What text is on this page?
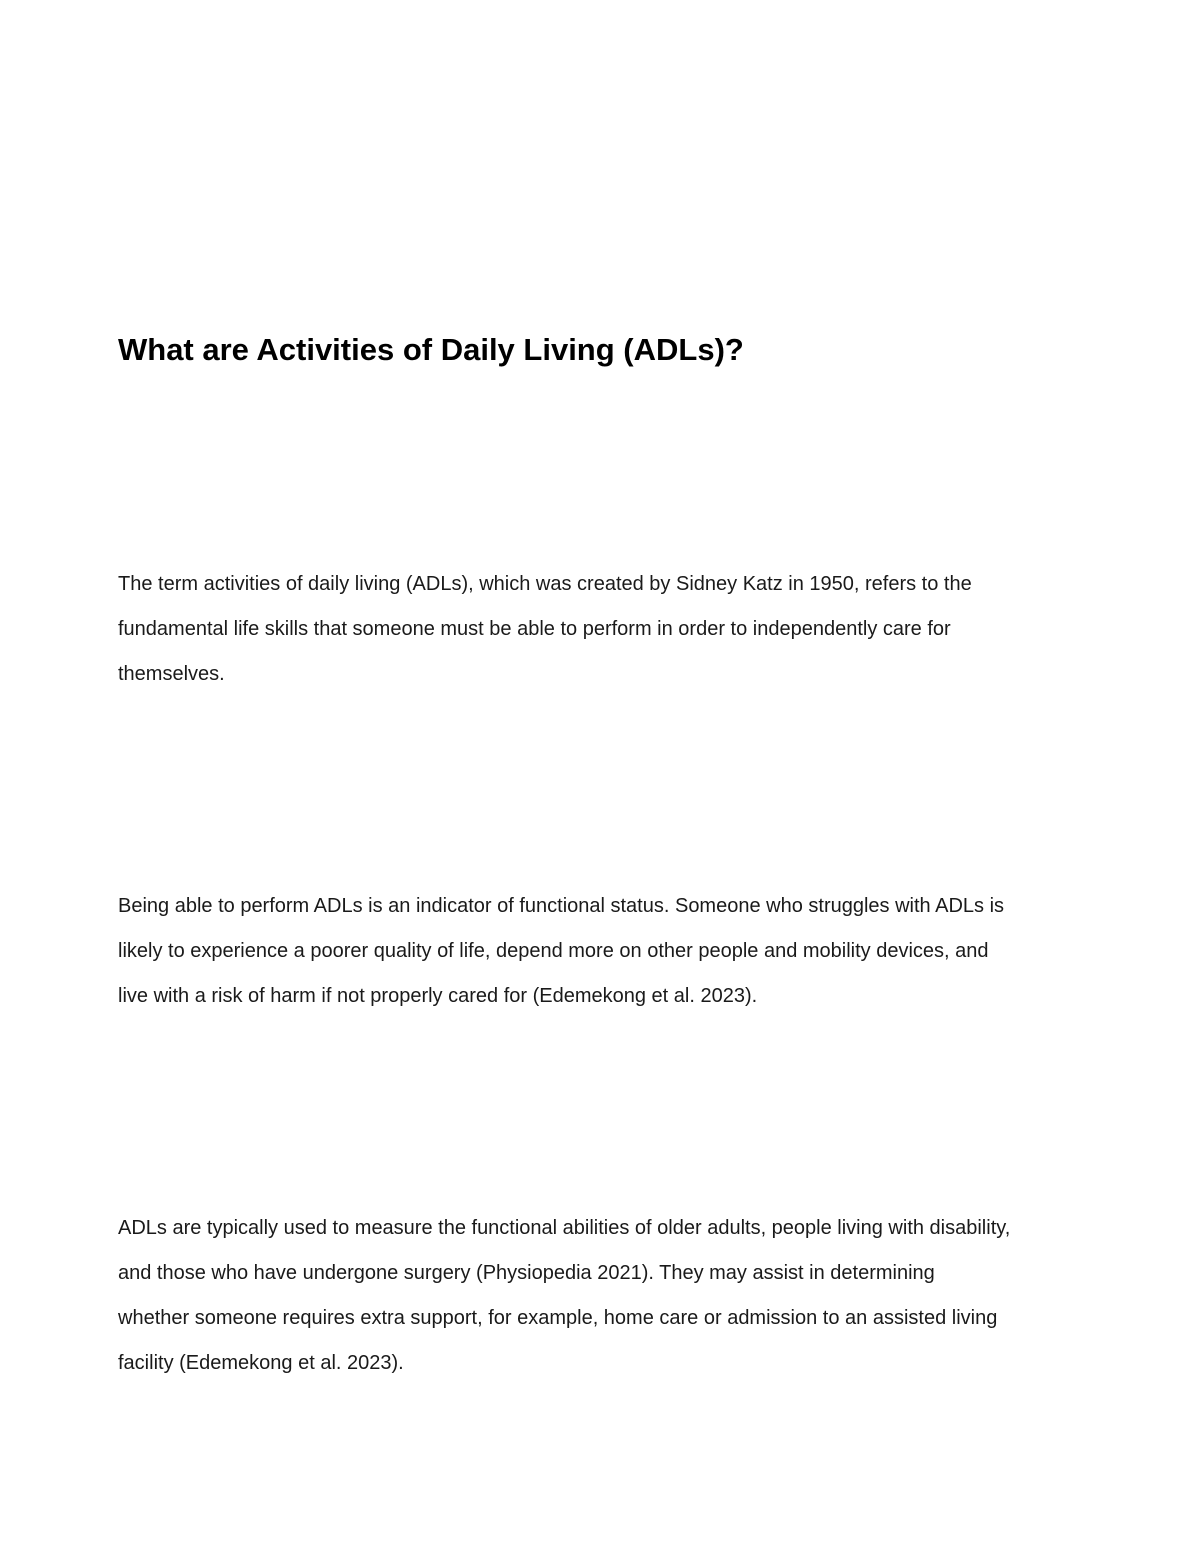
What are Activities of Daily Living (ADLs)?

The term activities of daily living (ADLs), which was created by Sidney Katz in 1950, refers to the
fundamental life skills that someone must be able to perform in order to independently care for
themselves.

Being able to perform ADLs is an indicator of functional status. Someone who struggles with ADLs is
likely to experience a poorer quality of life, depend more on other people and mobility devices, and
live with a risk of harm if not properly cared for (Edemekong et al. 2023).

ADLs are typically used to measure the functional abilities of older adults, people living with disability,
and those who have undergone surgery (Physiopedia 2021). They may assist in determining
whether someone requires extra support, for example, home care or admission to an assisted living
facility (Edemekong et al. 2023).
